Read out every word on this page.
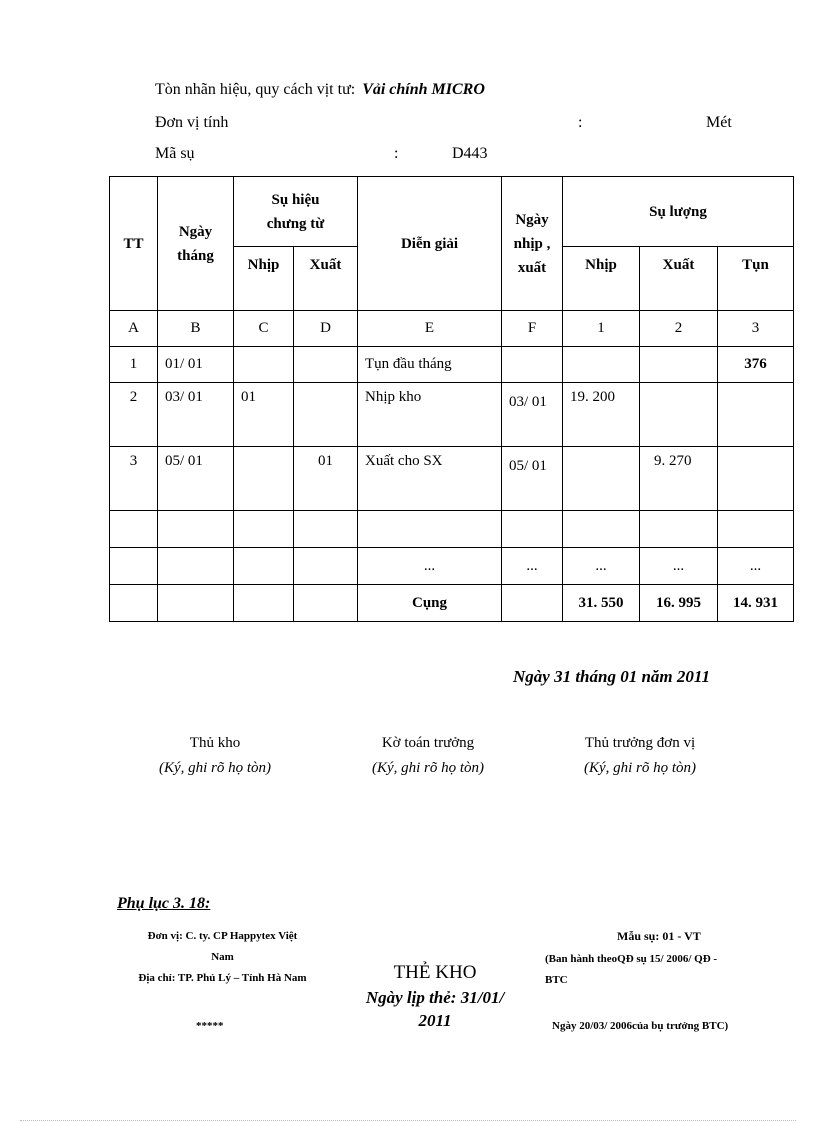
Tòn nhãn hiệu, quy cách vịt tư: Vải chính MICRO
Đơn vị tính	:	Mét
Mã sụ	:	D443
TT	Ngày tháng	Sụ hiệu chưng từ		Diễn giải	Ngày nhịp , xuất	Sụ lượng		
		Nhịp	Xuất			Nhịp	Xuất	Tụn
A	B	C	D	E	F	1	2	3
1	01/ 01			Tụn đầu tháng				376
2	03/ 01	01		Nhịp kho	03/ 01	19. 200		
3	05/ 01		01	Xuất cho SX	05/ 01		9. 270	

				...	...	...	...	...
				Cụng		31. 550	16. 995	14. 931
Ngày 31 tháng 01 năm 2011
Thủ kho
(Ký, ghi rõ họ tòn)
Kờ toán trưởng
(Ký, ghi rõ họ tòn)
Thủ trưởng đơn vị
(Ký, ghi rõ họ tòn)
Phụ lục 3. 18:
Đơn vị: C. ty. CP Happytex Việt
Nam
Địa chỉ: TP. Phủ Lý – Tỉnh Hà Nam
*****
THẺ KHO
Ngày lịp thẻ: 31/01/
2011
Mẫu sụ: 01 - VT
(Ban hành theoQĐ sụ 15/ 2006/ QĐ -
BTC
Ngày 20/03/ 2006của bụ trưởng BTC)
